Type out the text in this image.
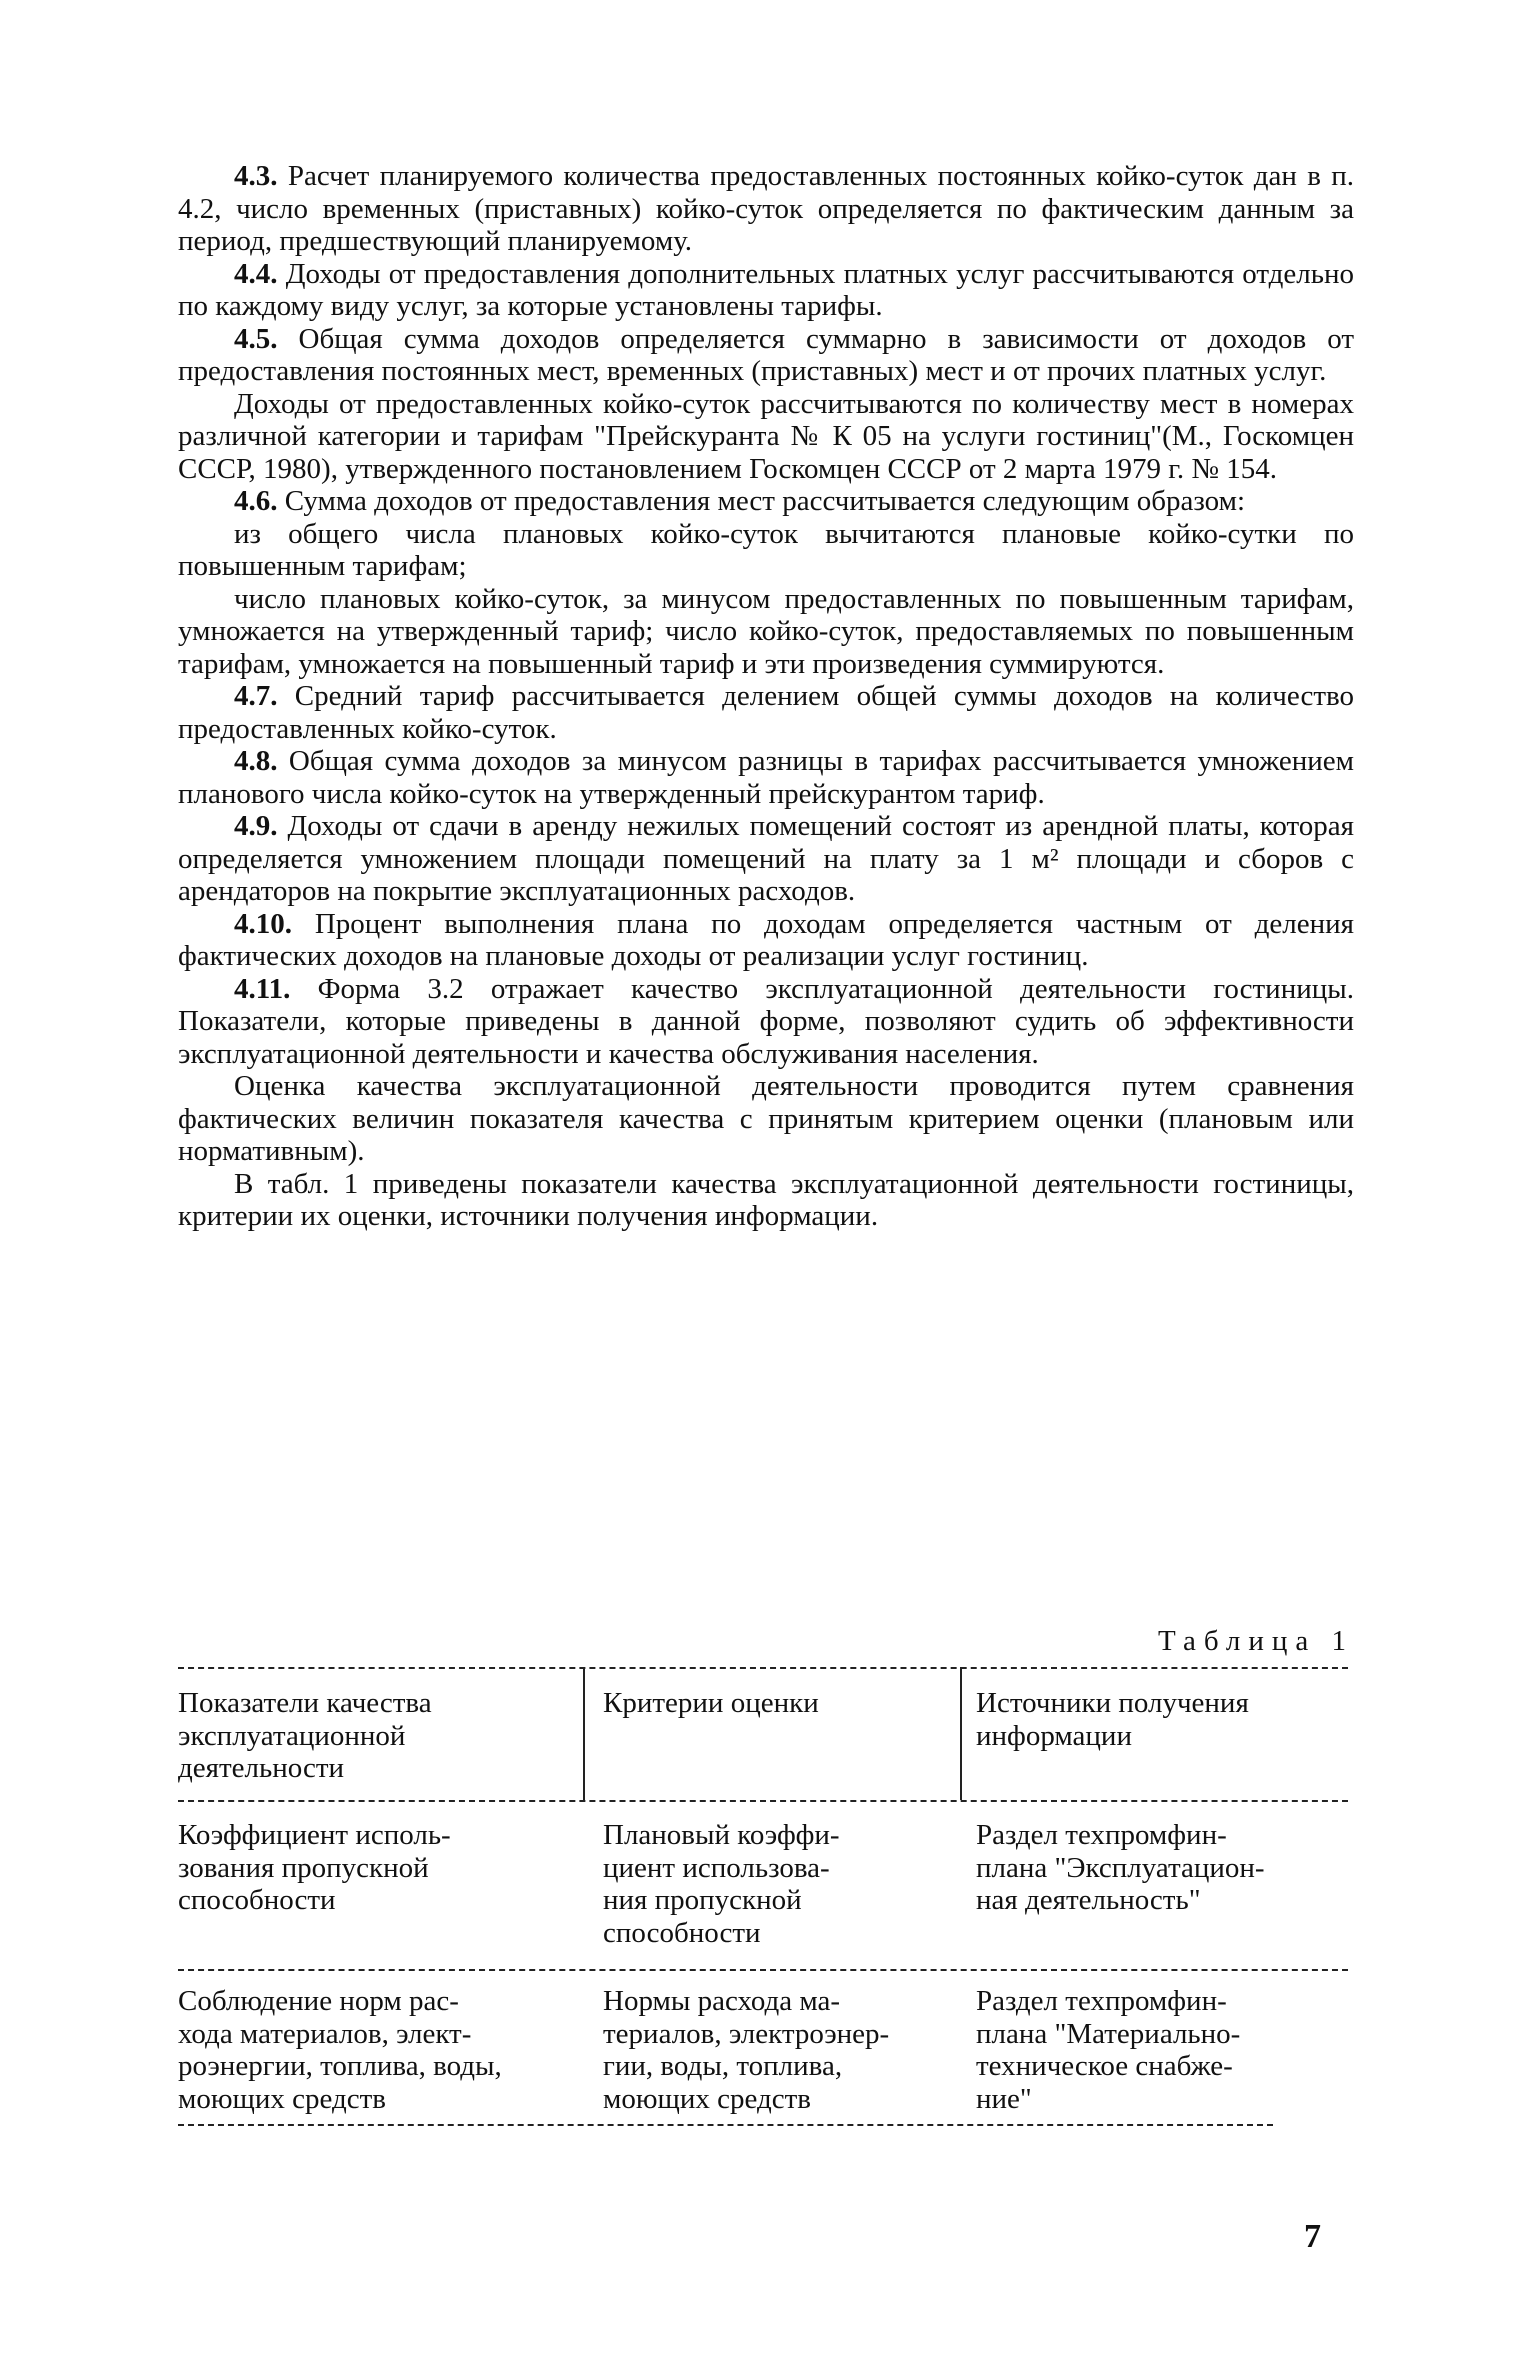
4.3. Расчет планируемого количества предоставленных постоянных койко-суток дан в п. 4.2, число временных (приставных) койко-суток определяется по фактическим данным за период, предшествующий планируемому.

4.4. Доходы от предоставления дополнительных платных услуг рассчитываются отдельно по каждому виду услуг, за которые установлены тарифы.

4.5. Общая сумма доходов определяется суммарно в зависимости от доходов от предоставления постоянных мест, временных (приставных) мест и от прочих платных услуг.

Доходы от предоставленных койко-суток рассчитываются по количеству мест в номерах различной категории и тарифам "Прейскуранта № К 05 на услуги гостиниц"(М., Госкомцен СССР, 1980), утвержденного постановлением Госкомцен СССР от 2 марта 1979 г. № 154.

4.6. Сумма доходов от предоставления мест рассчитывается следующим образом:

из общего числа плановых койко-суток вычитаются плановые койко-сутки по повышенным тарифам;

число плановых койко-суток, за минусом предоставленных по повышенным тарифам, умножается на утвержденный тариф; число койко-суток, предоставляемых по повышенным тарифам, умножается на повышенный тариф и эти произведения суммируются.

4.7. Средний тариф рассчитывается делением общей суммы доходов на количество предоставленных койко-суток.

4.8. Общая сумма доходов за минусом разницы в тарифах рассчитывается умножением планового числа койко-суток на утвержденный прейскурантом тариф.

4.9. Доходы от сдачи в аренду нежилых помещений состоят из арендной платы, которая определяется умножением площади помещений на плату за 1 м² площади и сборов с арендаторов на покрытие эксплуатационных расходов.

4.10. Процент выполнения плана по доходам определяется частным от деления фактических доходов на плановые доходы от реализации услуг гостиниц.

4.11. Форма 3.2 отражает качество эксплуатационной деятельности гостиницы. Показатели, которые приведены в данной форме, позволяют судить об эффективности эксплуатационной деятельности и качества обслуживания населения.

Оценка качества эксплуатационной деятельности проводится путем сравнения фактических величин показателя качества с принятым критерием оценки (плановым или нормативным).

В табл. 1 приведены показатели качества эксплуатационной деятельности гостиницы, критерии их оценки, источники получения информации.

Таблица 1
Показатели качества
эксплуатационной
деятельности
Критерии оценки	Источники получения
информации
Коэффициент исполь-
зования пропускной
способности
Плановый коэффи-
циент использова-
ния пропускной
способности
Раздел техпромфин-
плана "Эксплуатацион-
ная деятельность"
Соблюдение норм рас-
хода материалов, элект-
роэнергии, топлива, воды,
моющих средств
Нормы расхода ма-
териалов, электроэнер-
гии, воды, топлива,
моющих средств
Раздел техпромфин-
плана "Материально-
техническое снабже-
ние"
7
